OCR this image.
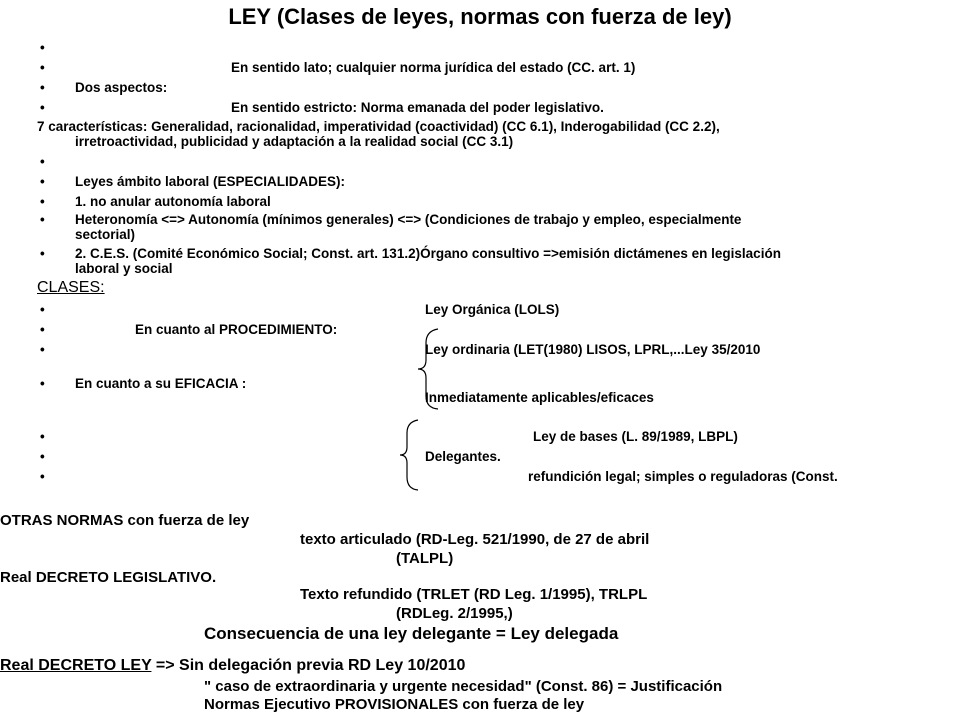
LEY (Clases de leyes, normas con fuerza de ley)
•
•	En sentido lato; cualquier norma jurídica del estado (CC. art. 1)
• Dos aspectos:
•	En sentido estricto: Norma emanada del poder legislativo.
7 características: Generalidad, racionalidad, imperatividad (coactividad) (CC 6.1), Inderogabilidad (CC 2.2),
irretroactividad, publicidad y adaptación a la realidad social (CC 3.1)
•
• Leyes ámbito laboral (ESPECIALIDADES):
• 1. no anular autonomía laboral
• Heteronomía <=> Autonomía (mínimos generales) <=> (Condiciones de trabajo y empleo, especialmente
sectorial)
• 2. C.E.S. (Comité Económico Social; Const. art. 131.2)Órgano consultivo =>emisión dictámenes en legislación
laboral y social
CLASES:
•	Ley Orgánica (LOLS)
•	En cuanto al PROCEDIMIENTO:
•	Ley ordinaria (LET(1980) LISOS, LPRL,...Ley 35/2010
• En cuanto a su EFICACIA :
Inmediatamente aplicables/eficaces
•	Ley de bases (L. 89/1989, LBPL)
•	Delegantes.
•	refundición legal; simples o reguladoras (Const.
OTRAS NORMAS con fuerza de ley
texto articulado (RD-Leg. 521/1990, de 27 de abril
(TALPL)
Real DECRETO LEGISLATIVO.
Texto refundido (TRLET (RD Leg. 1/1995), TRLPL
(RDLeg. 2/1995,)
Consecuencia de una ley delegante = Ley delegada
Real DECRETO LEY => Sin delegación previa RD Ley 10/2010
" caso de extraordinaria y urgente necesidad" (Const. 86) = Justificación
Normas Ejecutivo PROVISIONALES con fuerza de ley
